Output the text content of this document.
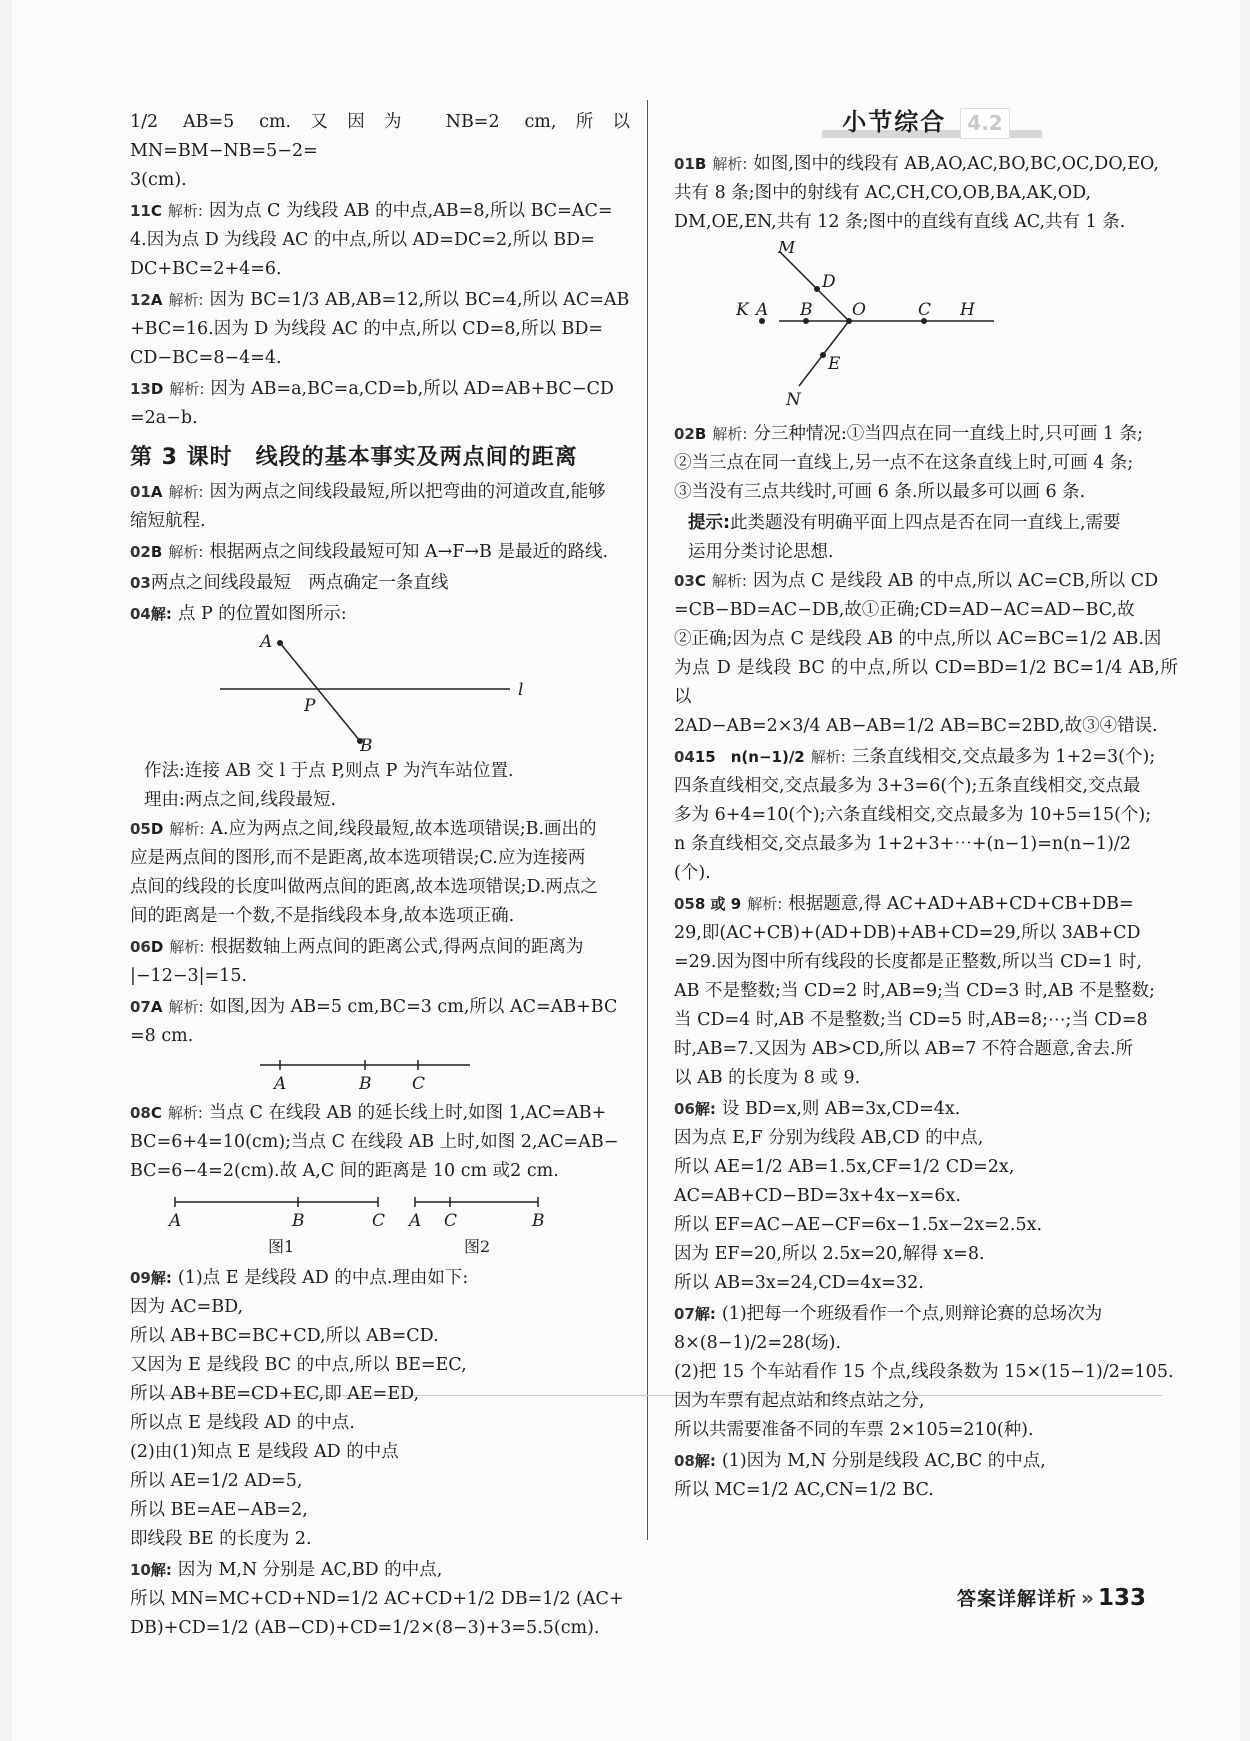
1/2 AB=5 cm.又因为 NB=2 cm,所以 MN=BM−NB=5−2=
3(cm).
11C 解析: 因为点 C 为线段 AB 的中点,AB=8,所以 BC=AC=
4.因为点 D 为线段 AC 的中点,所以 AD=DC=2,所以 BD=
DC+BC=2+4=6.
12A 解析: 因为 BC=1/3 AB,AB=12,所以 BC=4,所以 AC=AB
+BC=16.因为 D 为线段 AC 的中点,所以 CD=8,所以 BD=
CD−BC=8−4=4.
13D 解析: 因为 AB=a,BC=a,CD=b,所以 AD=AB+BC−CD
=2a−b.
第 3 课时　线段的基本事实及两点间的距离
01A 解析: 因为两点之间线段最短,所以把弯曲的河道改直,能够
缩短航程.
02B 解析: 根据两点之间线段最短可知 A→F→B 是最近的路线.
03两点之间线段最短　两点确定一条直线
04解: 点 P 的位置如图所示:
A
P
B
l
作法:连接 AB 交 l 于点 P,则点 P 为汽车站位置.
理由:两点之间,线段最短.
05D 解析: A.应为两点之间,线段最短,故本选项错误;B.画出的
应是两点间的图形,而不是距离,故本选项错误;C.应为连接两
点间的线段的长度叫做两点间的距离,故本选项错误;D.两点之
间的距离是一个数,不是指线段本身,故本选项正确.
06D 解析: 根据数轴上两点间的距离公式,得两点间的距离为
|−12−3|=15.
07A 解析: 如图,因为 AB=5 cm,BC=3 cm,所以 AC=AB+BC
=8 cm.
A	B C
08C 解析: 当点 C 在线段 AB 的延长线上时,如图 1,AC=AB+
BC=6+4=10(cm);当点 C 在线段 AB 上时,如图 2,AC=AB−
BC=6−4=2(cm).故 A,C 间的距离是 10 cm 或2 cm.
A	B	C
图1
A C	B
图2
09解: (1)点 E 是线段 AD 的中点.理由如下:
因为 AC=BD,
所以 AB+BC=BC+CD,所以 AB=CD.
又因为 E 是线段 BC 的中点,所以 BE=EC,
所以 AB+BE=CD+EC,即 AE=ED,
所以点 E 是线段 AD 的中点.
(2)由(1)知点 E 是线段 AD 的中点
所以 AE=1/2 AD=5,
所以 BE=AE−AB=2,
即线段 BE 的长度为 2.
10解: 因为 M,N 分别是 AC,BD 的中点,
所以 MN=MC+CD+ND=1/2 AC+CD+1/2 DB=1/2 (AC+
DB)+CD=1/2 (AB−CD)+CD=1/2×(8−3)+3=5.5(cm).
小节综合 4.2
01B 解析: 如图,图中的线段有 AB,AO,AC,BO,BC,OC,DO,EO,
共有 8 条;图中的射线有 AC,CH,CO,OB,BA,AK,OD,
DM,OE,EN,共有 12 条;图中的直线有直线 AC,共有 1 条.
M
D
K A B O	C H
E
N
02B 解析: 分三种情况:①当四点在同一直线上时,只可画 1 条;
②当三点在同一直线上,另一点不在这条直线上时,可画 4 条;
③当没有三点共线时,可画 6 条.所以最多可以画 6 条.
提示:此类题没有明确平面上四点是否在同一直线上,需要
运用分类讨论思想.
03C 解析: 因为点 C 是线段 AB 的中点,所以 AC=CB,所以 CD
=CB−BD=AC−DB,故①正确;CD=AD−AC=AD−BC,故
②正确;因为点 C 是线段 AB 的中点,所以 AC=BC=1/2 AB.因
为点 D 是线段 BC 的中点,所以 CD=BD=1/2 BC=1/4 AB,所以
2AD−AB=2×3/4 AB−AB=1/2 AB=BC=2BD,故③④错误.
0415　n(n−1)/2 解析: 三条直线相交,交点最多为 1+2=3(个);
四条直线相交,交点最多为 3+3=6(个);五条直线相交,交点最
多为 6+4=10(个);六条直线相交,交点最多为 10+5=15(个);
n 条直线相交,交点最多为 1+2+3+⋯+(n−1)=n(n−1)/2
(个).
058 或 9 解析: 根据题意,得 AC+AD+AB+CD+CB+DB=
29,即(AC+CB)+(AD+DB)+AB+CD=29,所以 3AB+CD
=29.因为图中所有线段的长度都是正整数,所以当 CD=1 时,
AB 不是整数;当 CD=2 时,AB=9;当 CD=3 时,AB 不是整数;
当 CD=4 时,AB 不是整数;当 CD=5 时,AB=8;⋯;当 CD=8
时,AB=7.又因为 AB>CD,所以 AB=7 不符合题意,舍去.所
以 AB 的长度为 8 或 9.
06解: 设 BD=x,则 AB=3x,CD=4x.
因为点 E,F 分别为线段 AB,CD 的中点,
所以 AE=1/2 AB=1.5x,CF=1/2 CD=2x,
AC=AB+CD−BD=3x+4x−x=6x.
所以 EF=AC−AE−CF=6x−1.5x−2x=2.5x.
因为 EF=20,所以 2.5x=20,解得 x=8.
所以 AB=3x=24,CD=4x=32.
07解: (1)把每一个班级看作一个点,则辩论赛的总场次为
8×(8−1)/2=28(场).
(2)把 15 个车站看作 15 个点,线段条数为 15×(15−1)/2=105.
因为车票有起点站和终点站之分,
所以共需要准备不同的车票 2×105=210(种).
08解: (1)因为 M,N 分别是线段 AC,BC 的中点,
所以 MC=1/2 AC,CN=1/2 BC.
答案详解详析 » 133
